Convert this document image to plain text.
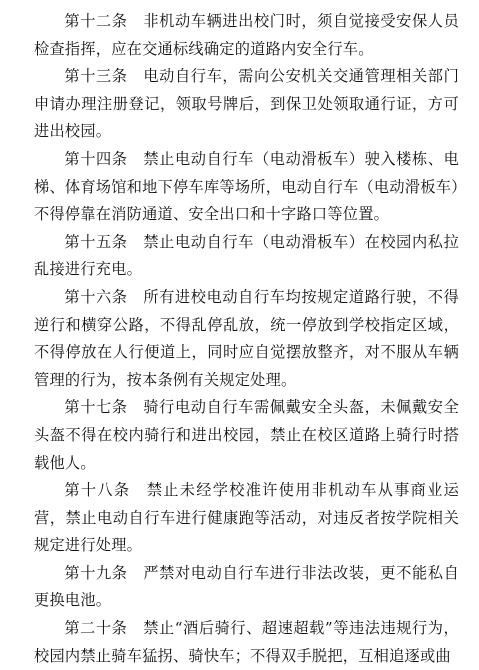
第十二条　非机动车辆进出校门时，须自觉接受安保人员检查指挥，应在交通标线确定的道路内安全行车。

第十三条　电动自行车，需向公安机关交通管理相关部门申请办理注册登记，领取号牌后，到保卫处领取通行证，方可进出校园。

第十四条　禁止电动自行车（电动滑板车）驶入楼栋、电梯、体育场馆和地下停车库等场所，电动自行车（电动滑板车）不得停靠在消防通道、安全出口和十字路口等位置。

第十五条　禁止电动自行车（电动滑板车）在校园内私拉乱接进行充电。

第十六条　所有进校电动自行车均按规定道路行驶，不得逆行和横穿公路，不得乱停乱放，统一停放到学校指定区域，不得停放在人行便道上，同时应自觉摆放整齐，对不服从车辆管理的行为，按本条例有关规定处理。

第十七条　骑行电动自行车需佩戴安全头盔，未佩戴安全头盔不得在校内骑行和进出校园，禁止在校区道路上骑行时搭载他人。

第十八条　禁止未经学校准许使用非机动车从事商业运营，禁止电动自行车进行健康跑等活动，对违反者按学院相关规定进行处理。

第十九条　严禁对电动自行车进行非法改装，更不能私自更换电池。

第二十条　禁止“酒后骑行、超速超载”等违法违规行为，校园内禁止骑车猛拐、骑快车；不得双手脱把，互相追逐或曲
